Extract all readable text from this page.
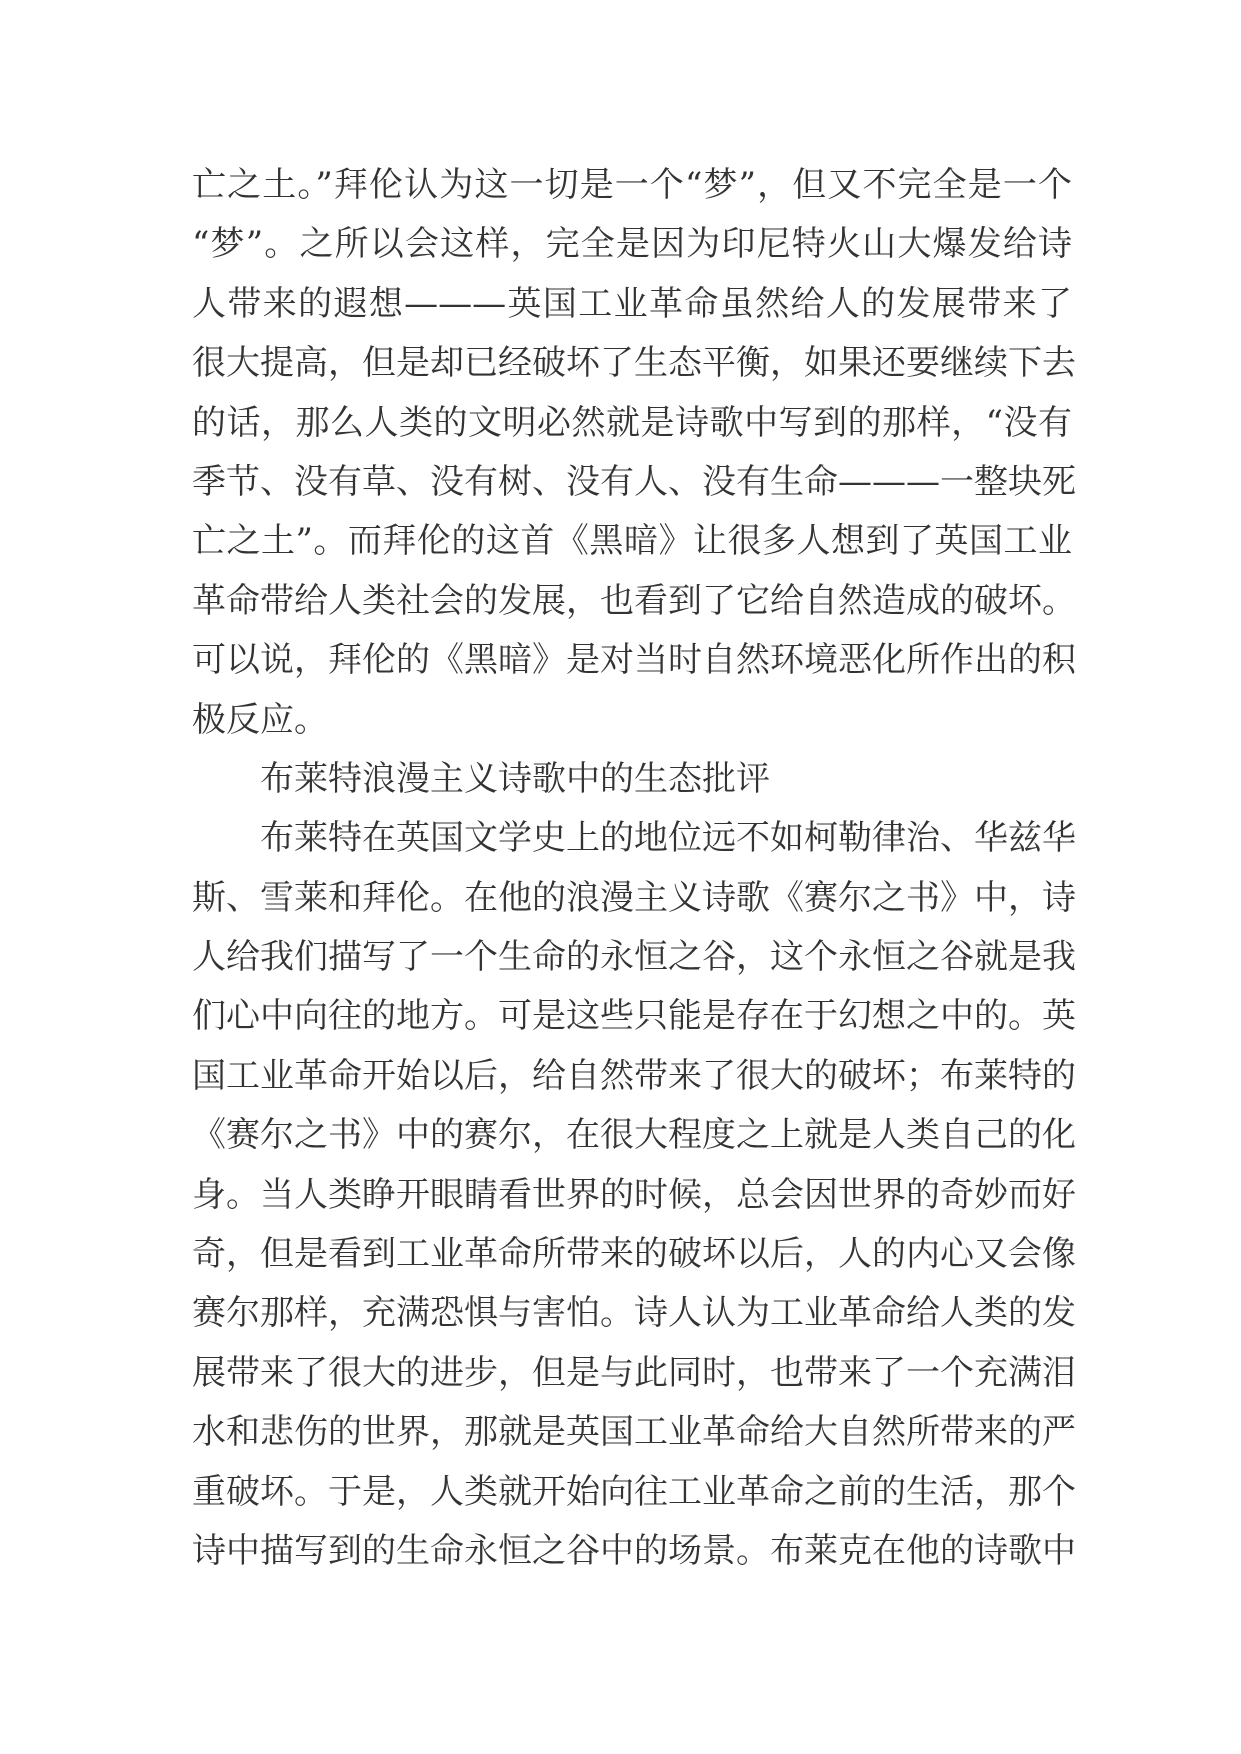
亡之土。”拜伦认为这一切是一个“梦”，但又不完全是一个
“梦”。之所以会这样，完全是因为印尼特火山大爆发给诗
人带来的遐想———英国工业革命虽然给人的发展带来了
很大提高，但是却已经破坏了生态平衡，如果还要继续下去
的话，那么人类的文明必然就是诗歌中写到的那样，“没有
季节、没有草、没有树、没有人、没有生命———一整块死
亡之土”。而拜伦的这首《黑暗》让很多人想到了英国工业
革命带给人类社会的发展，也看到了它给自然造成的破坏。
可以说，拜伦的《黑暗》是对当时自然环境恶化所作出的积
极反应。
布莱特浪漫主义诗歌中的生态批评
布莱特在英国文学史上的地位远不如柯勒律治、华兹华
斯、雪莱和拜伦。在他的浪漫主义诗歌《赛尔之书》中，诗
人给我们描写了一个生命的永恒之谷，这个永恒之谷就是我
们心中向往的地方。可是这些只能是存在于幻想之中的。英
国工业革命开始以后，给自然带来了很大的破坏；布莱特的
《赛尔之书》中的赛尔，在很大程度之上就是人类自己的化
身。当人类睁开眼睛看世界的时候，总会因世界的奇妙而好
奇，但是看到工业革命所带来的破坏以后，人的内心又会像
赛尔那样，充满恐惧与害怕。诗人认为工业革命给人类的发
展带来了很大的进步，但是与此同时，也带来了一个充满泪
水和悲伤的世界，那就是英国工业革命给大自然所带来的严
重破坏。于是，人类就开始向往工业革命之前的生活，那个
诗中描写到的生命永恒之谷中的场景。布莱克在他的诗歌中
